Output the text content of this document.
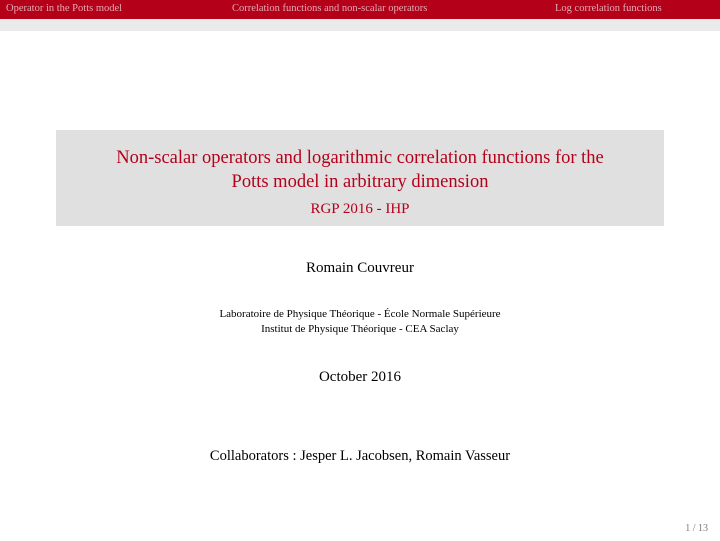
Operator in the Potts model	Correlation functions and non-scalar operators	Log correlation functions
Non-scalar operators and logarithmic correlation functions for the
Potts model in arbitrary dimension
RGP 2016 - IHP
Romain Couvreur
Laboratoire de Physique Théorique - École Normale Supérieure
Institut de Physique Théorique - CEA Saclay
October 2016
Collaborators : Jesper L. Jacobsen, Romain Vasseur
1 / 13
